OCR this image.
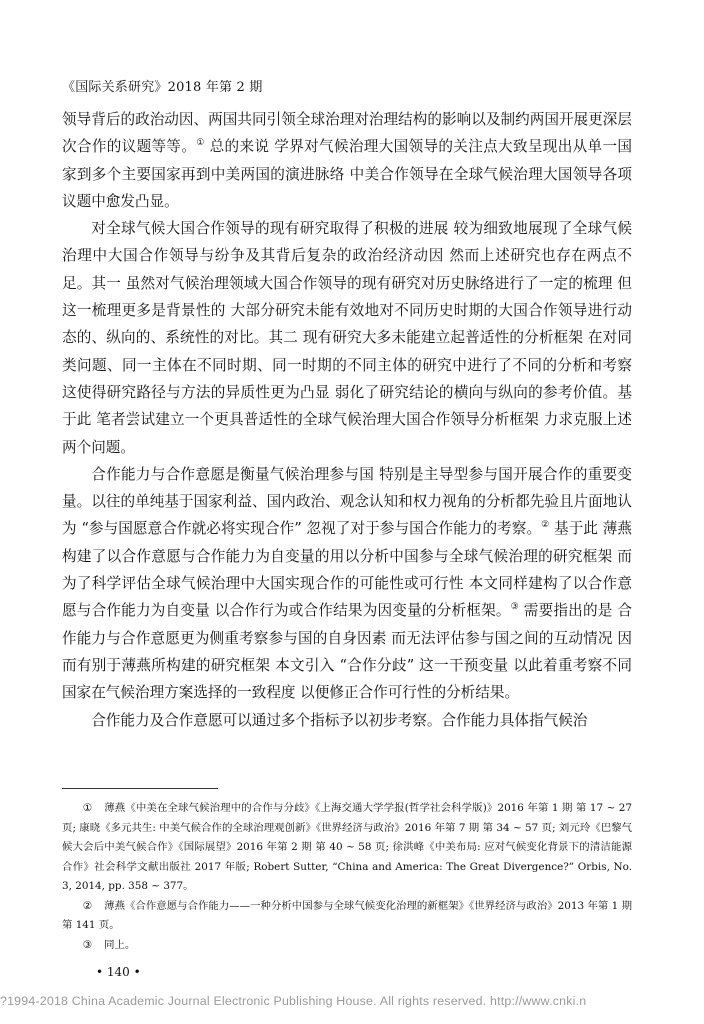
《国际关系研究》2018 年第 2 期

领导背后的政治动因、两国共同引领全球治理对治理结构的影响以及制约两国开展更深层次合作的议题等等。① 总的来说 学界对气候治理大国领导的关注点大致呈现出从单一国家到多个主要国家再到中美两国的演进脉络 中美合作领导在全球气候治理大国领导各项议题中愈发凸显。

对全球气候大国合作领导的现有研究取得了积极的进展 较为细致地展现了全球气候治理中大国合作领导与纷争及其背后复杂的政治经济动因 然而上述研究也存在两点不足。其一 虽然对气候治理领域大国合作领导的现有研究对历史脉络进行了一定的梳理 但这一梳理更多是背景性的 大部分研究未能有效地对不同历史时期的大国合作领导进行动态的、纵向的、系统性的对比。其二 现有研究大多未能建立起普适性的分析框架 在对同类问题、同一主体在不同时期、同一时期的不同主体的研究中进行了不同的分析和考察 这使得研究路径与方法的异质性更为凸显 弱化了研究结论的横向与纵向的参考价值。基于此 笔者尝试建立一个更具普适性的全球气候治理大国合作领导分析框架 力求克服上述两个问题。

合作能力与合作意愿是衡量气候治理参与国 特别是主导型参与国开展合作的重要变量。以往的单纯基于国家利益、国内政治、观念认知和权力视角的分析都先验且片面地认为 “参与国愿意合作就必将实现合作” 忽视了对于参与国合作能力的考察。② 基于此 薄燕构建了以合作意愿与合作能力为自变量的用以分析中国参与全球气候治理的研究框架 而为了科学评估全球气候治理中大国实现合作的可能性或可行性 本文同样建构了以合作意愿与合作能力为自变量 以合作行为或合作结果为因变量的分析框架。③ 需要指出的是 合作能力与合作意愿更为侧重考察参与国的自身因素 而无法评估参与国之间的互动情况 因而有别于薄燕所构建的研究框架 本文引入 “合作分歧” 这一干预变量 以此着重考察不同国家在气候治理方案选择的一致程度 以便修正合作可行性的分析结果。

合作能力及合作意愿可以通过多个指标予以初步考察。合作能力具体指气候治

① 薄燕《中美在全球气候治理中的合作与分歧》《上海交通大学学报(哲学社会科学版)》2016 年第 1 期 第 17 ~ 27 页; 康晓《多元共生: 中美气候合作的全球治理观创新》《世界经济与政治》2016 年第 7 期 第 34 ~ 57 页; 刘元玲《巴黎气候大会后中美气候合作》《国际展望》2016 年第 2 期 第 40 ~ 58 页; 徐洪峰《中美布局: 应对气候变化背景下的清洁能源合作》社会科学文献出版社 2017 年版; Robert Sutter, “China and America: The Great Divergence?” Orbis, No. 3, 2014, pp. 358 ~ 377。

② 薄燕《合作意愿与合作能力——一种分析中国参与全球气候变化治理的新框架》《世界经济与政治》2013 年第 1 期 第 141 页。

③ 同上。

• 140 •
?1994-2018 China Academic Journal Electronic Publishing House. All rights reserved. http://www.cnki.n
